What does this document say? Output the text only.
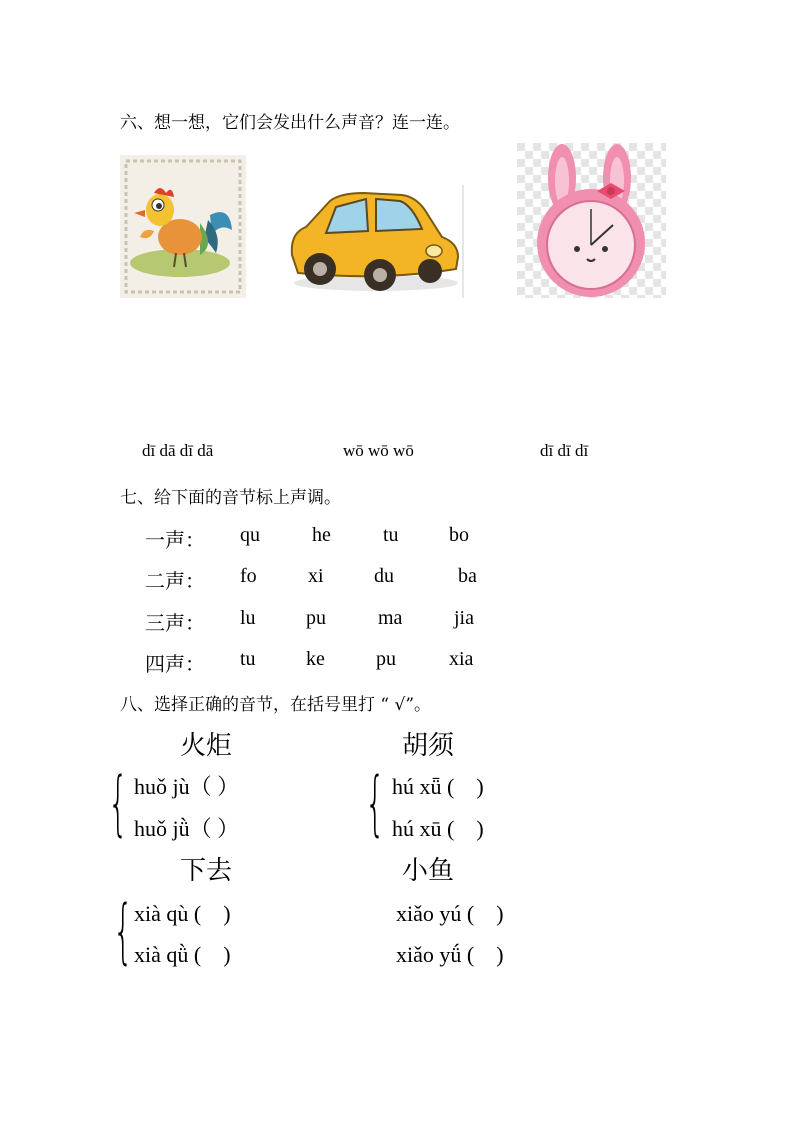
六、想一想，它们会发出什么声音？连一连。
dī dā dī dā	wō wō wō	dī dī dī
七、给下面的音节标上声调。
一声： qu	he	tu	bo
二声： fo	xi	du	ba
三声： lu	pu	ma	jia
四声： tu	ke	pu	xia
八、选择正确的音节，在括号里打 “ √”。
火炬
{ huǒ jù（ ）
huǒ jǜ（ ）
胡须
{ hú xǖ (　)
hú xū (　)
下去
{ xià qù (　)
xià qǜ (　)
小鱼
xiǎo yú (　)
xiǎo yǘ (　)
